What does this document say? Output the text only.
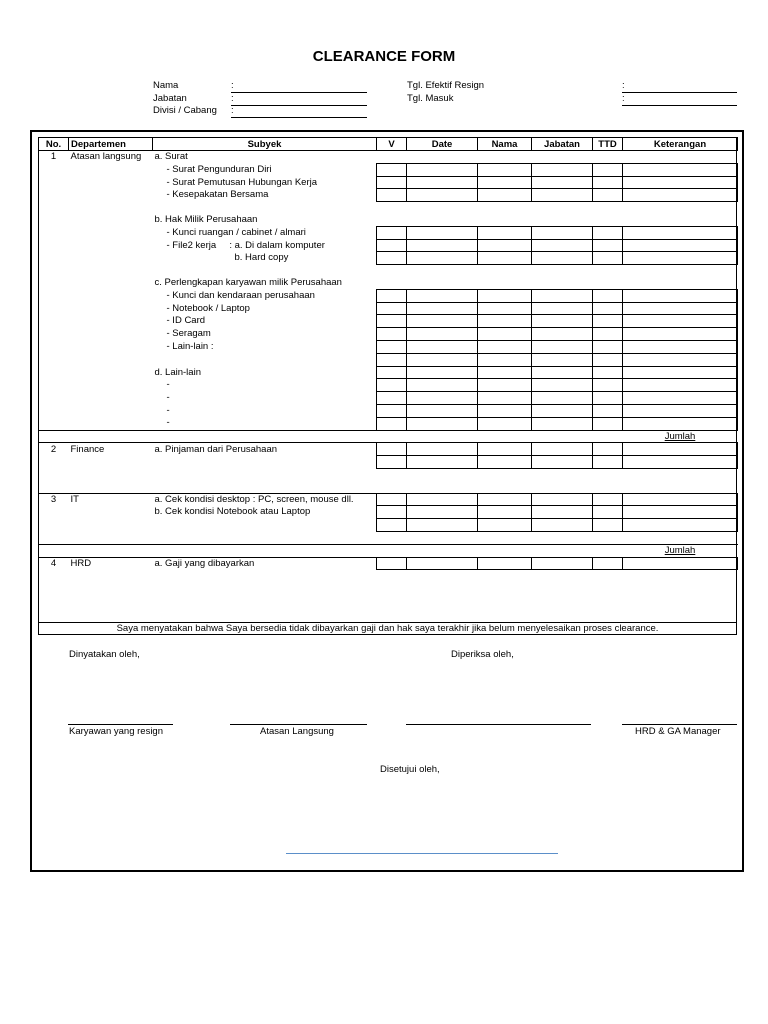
CLEARANCE FORM
Nama	:
Jabatan	:
Divisi / Cabang :
Tgl. Efektif Resign	:
Tgl. Masuk	:
No.	Departemen	Subyek	V	Date	Nama	Jabatan	TTD	Keterangan
1	Atasan langsung	a. Surat						
		- Surat Pengunduran Diri						
		- Surat Pemutusan Hubungan Kerja						
		- Kesepakatan Bersama						

		b. Hak Milik Perusahaan						
		- Kunci ruangan / cabinet / almari						
		- File2 kerja     : a. Di dalam komputer						
		b. Hard copy						

		c. Perlengkapan karyawan milik Perusahaan						
		- Kunci dan kendaraan perusahaan						
		- Notebook / Laptop						
		- ID Card						
		- Seragam						
		- Lain-lain :						

		d. Lain-lain						
		-						
		-						
		-						
		-						
								Jumlah
2	Finance	a. Pinjaman dari Perusahaan						

3	IT	a. Cek kondisi desktop : PC, screen, mouse dll.						
		b. Cek kondisi Notebook atau Laptop						

								Jumlah
4	HRD	a. Gaji yang dibayarkan						

Saya menyatakan bahwa Saya bersedia tidak dibayarkan gaji dan hak saya terakhir jika belum menyelesaikan proses clearance.
Dinyatakan oleh,	Diperiksa oleh,
Karyawan yang resign	Atasan Langsung	HRD & GA Manager
Disetujui oleh,
